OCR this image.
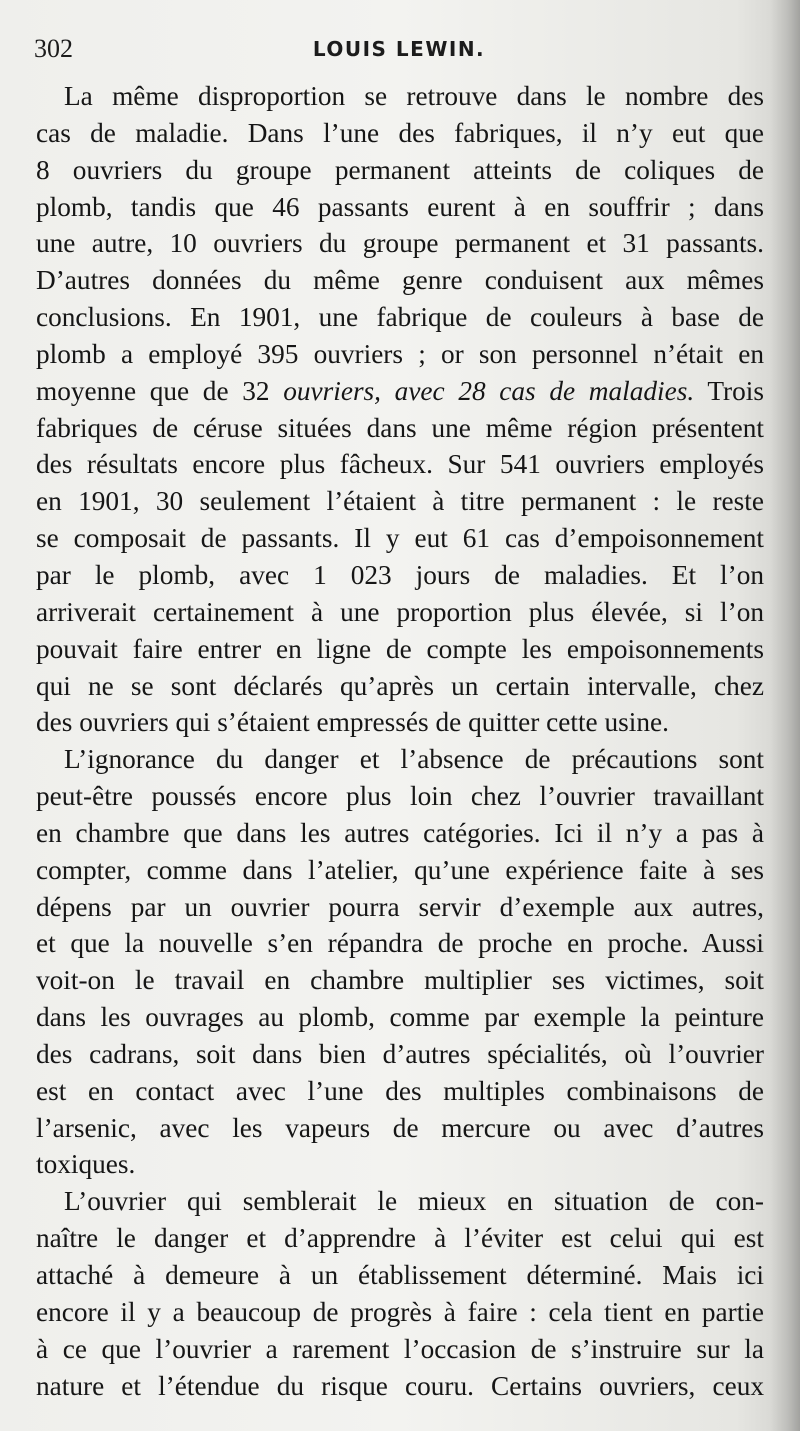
302	LOUIS LEWIN.
La même disproportion se retrouve dans le nombre des
cas de maladie. Dans l’une des fabriques, il n’y eut que
8 ouvriers du groupe permanent atteints de coliques de
plomb, tandis que 46 passants eurent à en souffrir ; dans
une autre, 10 ouvriers du groupe permanent et 31 passants.
D’autres données du même genre conduisent aux mêmes
conclusions. En 1901, une fabrique de couleurs à base de
plomb a employé 395 ouvriers ; or son personnel n’était en
moyenne que de 32 ouvriers, avec 28 cas de maladies. Trois
fabriques de céruse situées dans une même région présentent
des résultats encore plus fâcheux. Sur 541 ouvriers employés
en 1901, 30 seulement l’étaient à titre permanent : le reste
se composait de passants. Il y eut 61 cas d’empoisonnement
par le plomb, avec 1 023 jours de maladies. Et l’on
arriverait certainement à une proportion plus élevée, si l’on
pouvait faire entrer en ligne de compte les empoisonnements
qui ne se sont déclarés qu’après un certain intervalle, chez
des ouvriers qui s’étaient empressés de quitter cette usine.
L’ignorance du danger et l’absence de précautions sont
peut-être poussés encore plus loin chez l’ouvrier travaillant
en chambre que dans les autres catégories. Ici il n’y a pas à
compter, comme dans l’atelier, qu’une expérience faite à ses
dépens par un ouvrier pourra servir d’exemple aux autres,
et que la nouvelle s’en répandra de proche en proche. Aussi
voit-on le travail en chambre multiplier ses victimes, soit
dans les ouvrages au plomb, comme par exemple la peinture
des cadrans, soit dans bien d’autres spécialités, où l’ouvrier
est en contact avec l’une des multiples combinaisons de
l’arsenic, avec les vapeurs de mercure ou avec d’autres
toxiques.
L’ouvrier qui semblerait le mieux en situation de con-
naître le danger et d’apprendre à l’éviter est celui qui est
attaché à demeure à un établissement déterminé. Mais ici
encore il y a beaucoup de progrès à faire : cela tient en partie
à ce que l’ouvrier a rarement l’occasion de s’instruire sur la
nature et l’étendue du risque couru. Certains ouvriers, ceux
